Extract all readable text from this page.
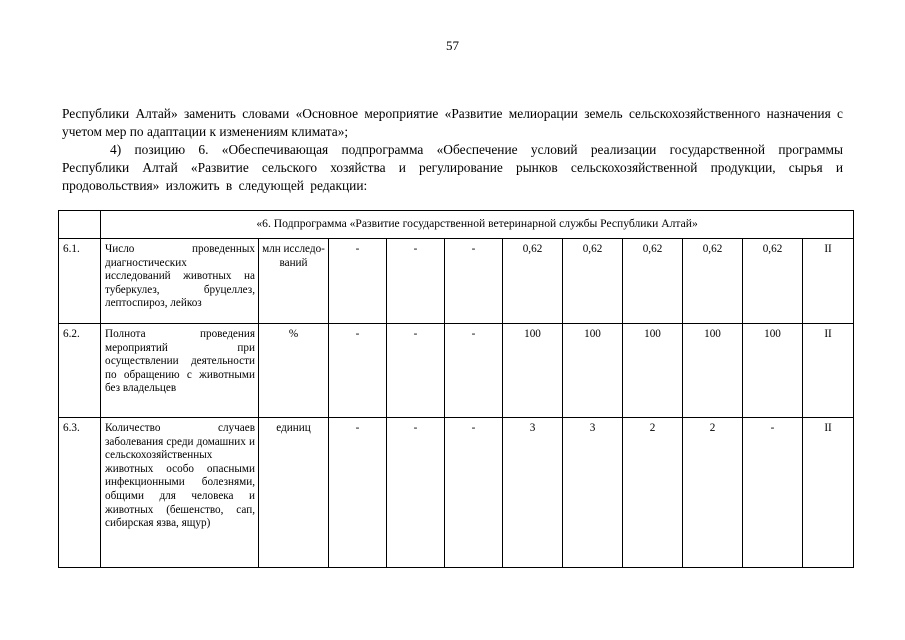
57

Республики Алтай» заменить словами «Основное мероприятие «Развитие мелиорации земель сельскохозяйственного назначения с учетом мер по адаптации к изменениям климата»;

4) позицию 6. «Обеспечивающая подпрограмма «Обеспечение условий реализации государственной программы Республики Алтай «Развитие сельского хозяйства и регулирование рынков сельскохозяйственной продукции, сырья и продовольствия» изложить в следующей редакции:

	«6. Подпрограмма «Развитие государственной ветеринарной службы Республики Алтай»										
6.1.	Число проведенных диагностических исследований животных на туберкулез, бруцеллез, лептоспироз, лейкоз	млн исследо-ваний	-	-	-	0,62	0,62	0,62	0,62	0,62	II
6.2.	Полнота проведения мероприятий при осуществлении деятельности по обращению с животными без владельцев	%	-	-	-	100	100	100	100	100	II
6.3.	Количество случаев заболевания среди домашних и сельскохозяйственных животных особо опасными инфекционными болезнями, общими для человека и животных (бешенство, сап, сибирская язва, ящур)	единиц	-	-	-	3	3	2	2	-	II
